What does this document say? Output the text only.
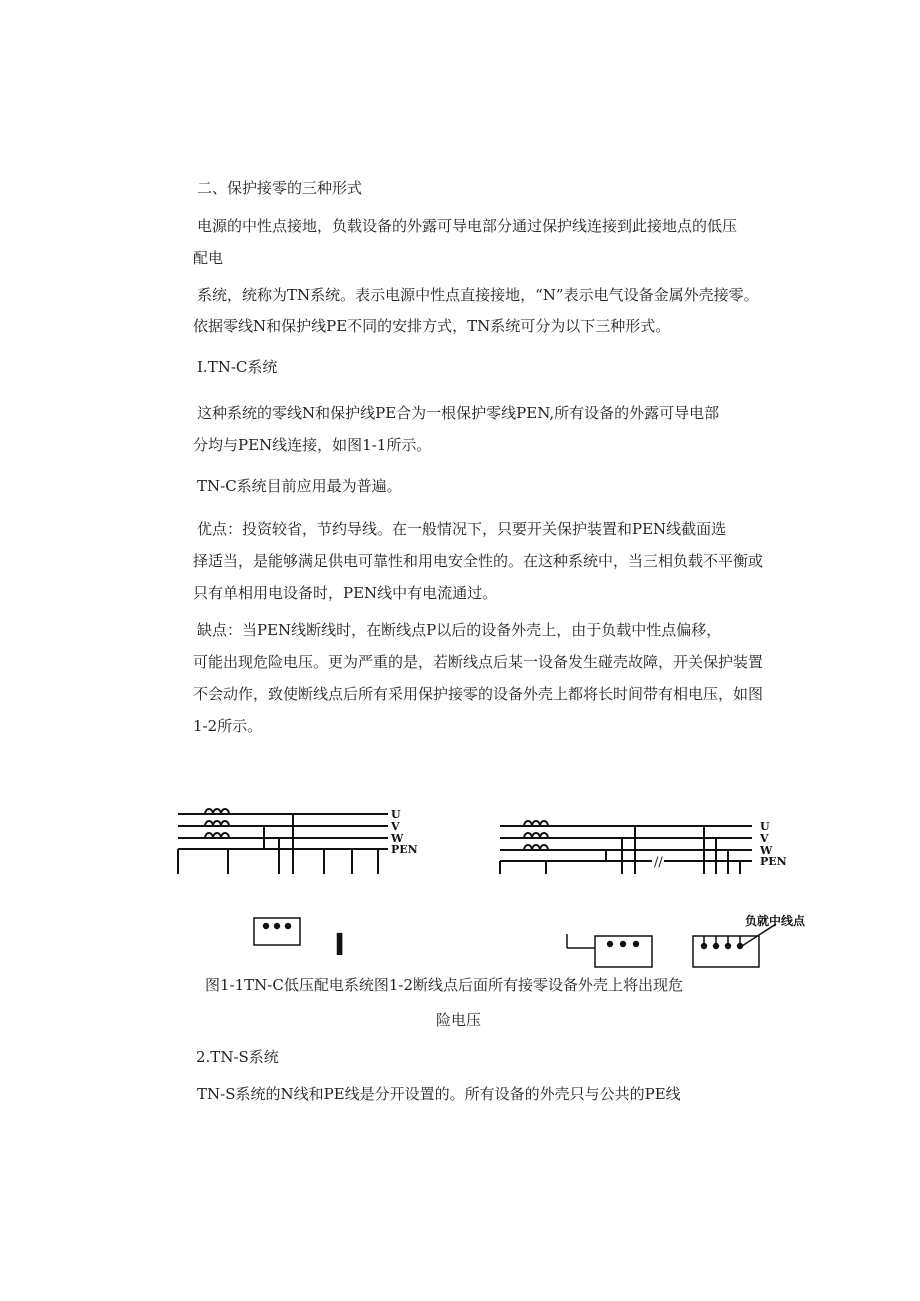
二、保护接零的三种形式

电源的中性点接地，负载设备的外露可导电部分通过保护线连接到此接地点的低压

配电

系统，统称为TN系统。表示电源中性点直接接地，“N”表示电气设备金属外壳接零。

依据零线N和保护线PE不同的安排方式，TN系统可分为以下三种形式。

I.TN-C系统

这种系统的零线N和保护线PE合为一根保护零线PEN,所有设备的外露可导电部

分均与PEN线连接，如图1-1所示。

TN-C系统目前应用最为普遍。

优点：投资较省，节约导线。在一般情况下，只要开关保护装置和PEN线截面选

择适当，是能够满足供电可靠性和用电安全性的。在这种系统中，当三相负载不平衡或

只有单相用电设备时，PEN线中有电流通过。

缺点：当PEN线断线时，在断线点P以后的设备外壳上，由于负载中性点偏移，

可能出现危险电压。更为严重的是，若断线点后某一设备发生碰壳故障，开关保护装置

不会动作，致使断线点后所有采用保护接零的设备外壳上都将长时间带有相电压，如图

1-2所示。

U
V
W
PEN
U
V
W
PEN
//
I
负就中线点

图1-1TN-C低压配电系统图1-2断线点后面所有接零设备外壳上将出现危

险电压

2.TN-S系统

TN-S系统的N线和PE线是分开设置的。所有设备的外壳只与公共的PE线
